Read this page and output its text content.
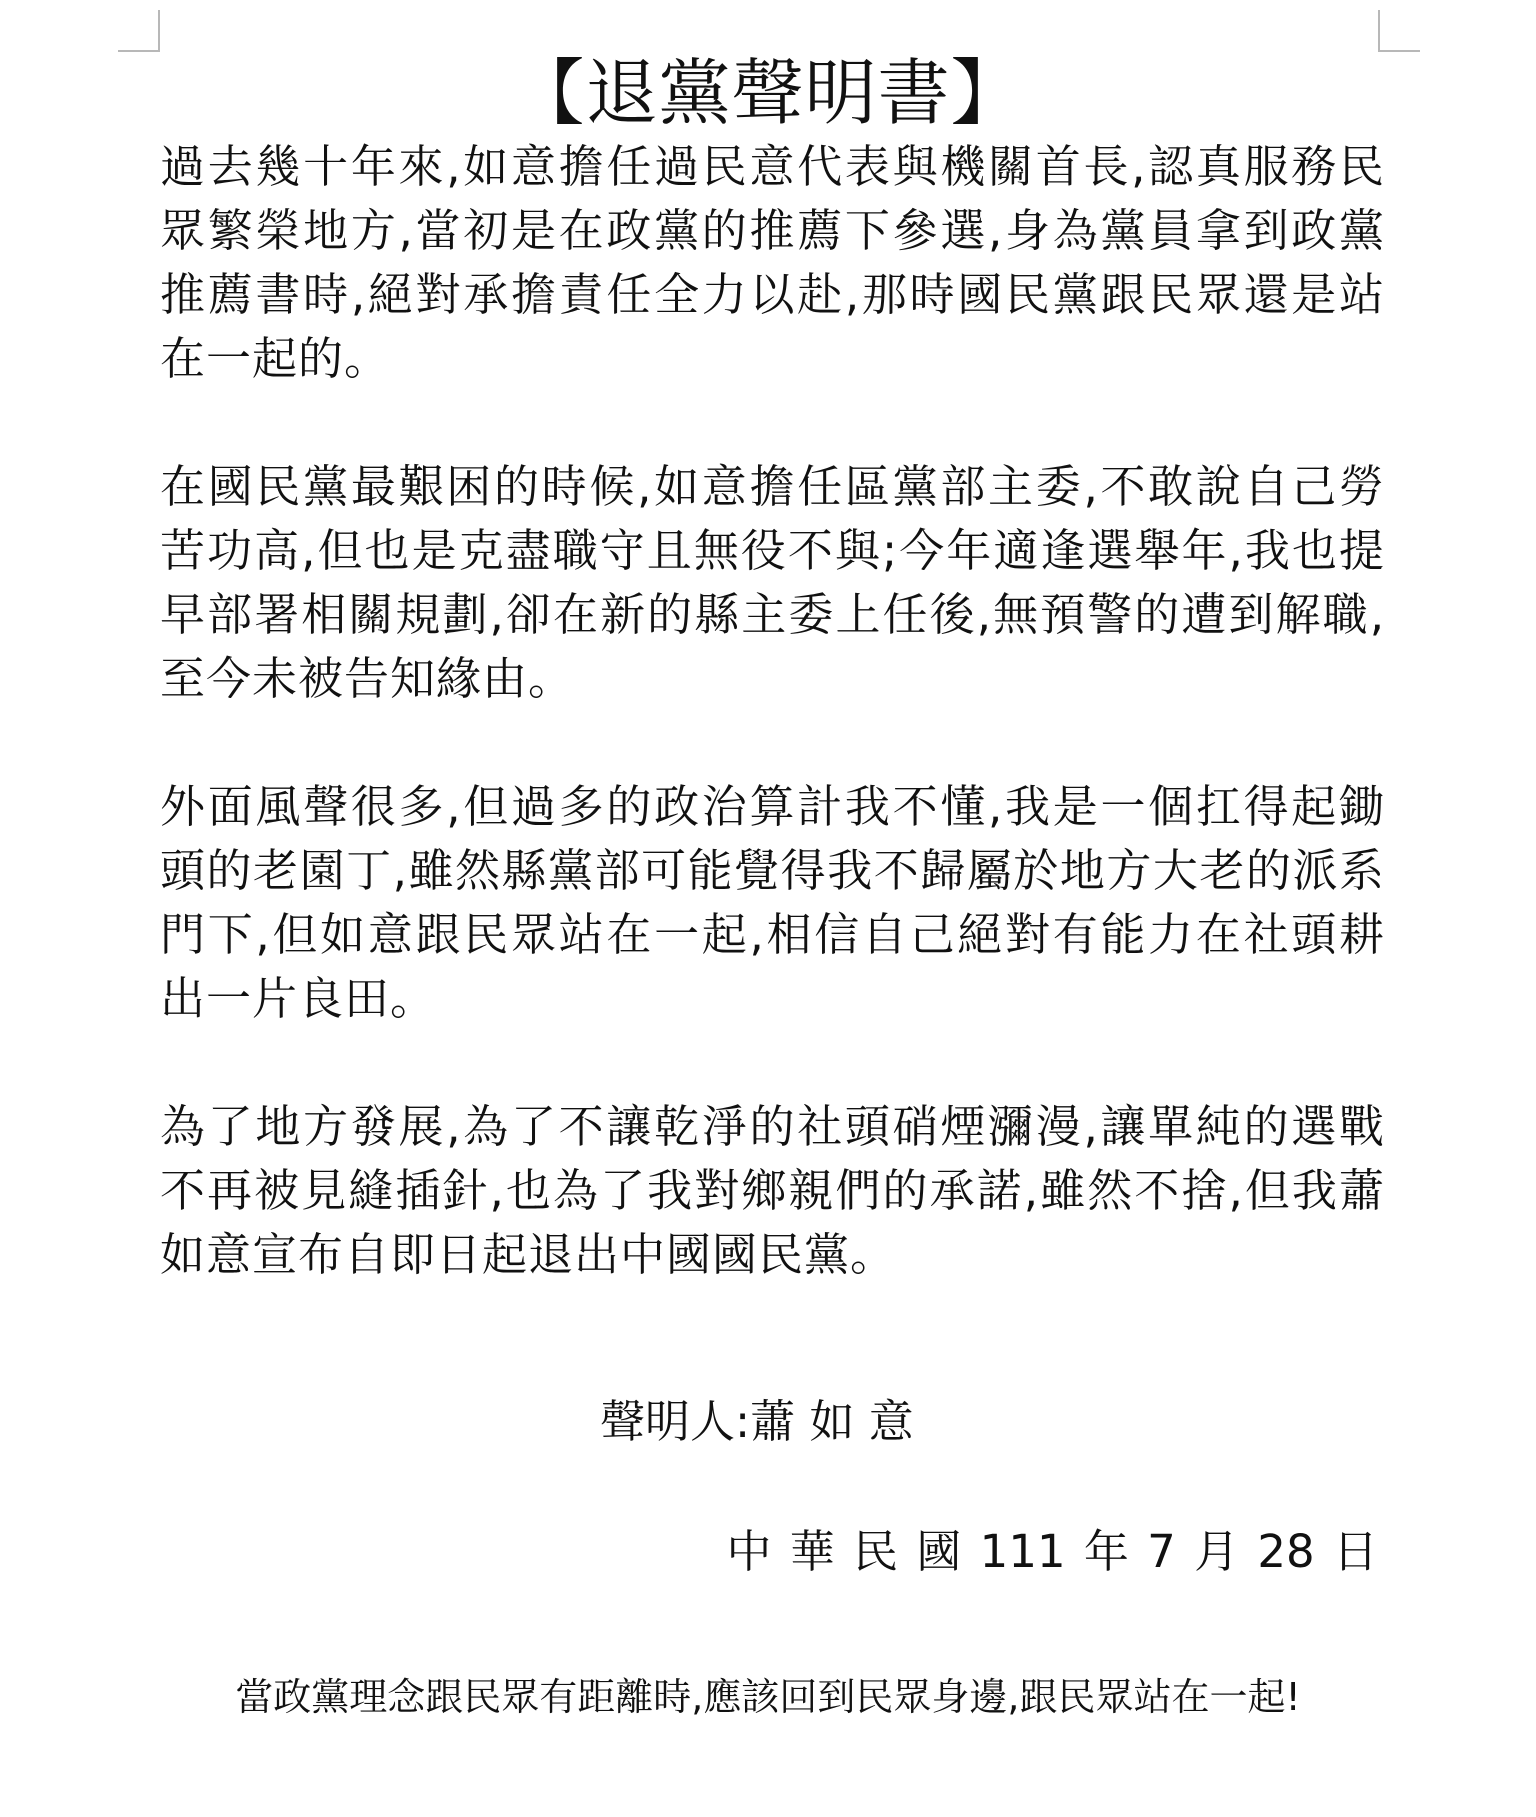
【退黨聲明書】

過去幾十年來,如意擔任過民意代表與機關首長,認真服務民眾繁榮地方,當初是在政黨的推薦下參選,身為黨員拿到政黨推薦書時,絕對承擔責任全力以赴,那時國民黨跟民眾還是站在一起的。

在國民黨最艱困的時候,如意擔任區黨部主委,不敢說自己勞苦功高,但也是克盡職守且無役不與;今年適逢選舉年,我也提早部署相關規劃,卻在新的縣主委上任後,無預警的遭到解職,至今未被告知緣由。

外面風聲很多,但過多的政治算計我不懂,我是一個扛得起鋤頭的老園丁,雖然縣黨部可能覺得我不歸屬於地方大老的派系門下,但如意跟民眾站在一起,相信自己絕對有能力在社頭耕出一片良田。

為了地方發展,為了不讓乾淨的社頭硝煙瀰漫,讓單純的選戰不再被見縫插針,也為了我對鄉親們的承諾,雖然不捨,但我蕭如意宣布自即日起退出中國國民黨。

聲明人:蕭 如 意
中 華 民 國 111 年 7 月 28 日
當政黨理念跟民眾有距離時,應該回到民眾身邊,跟民眾站在一起!
